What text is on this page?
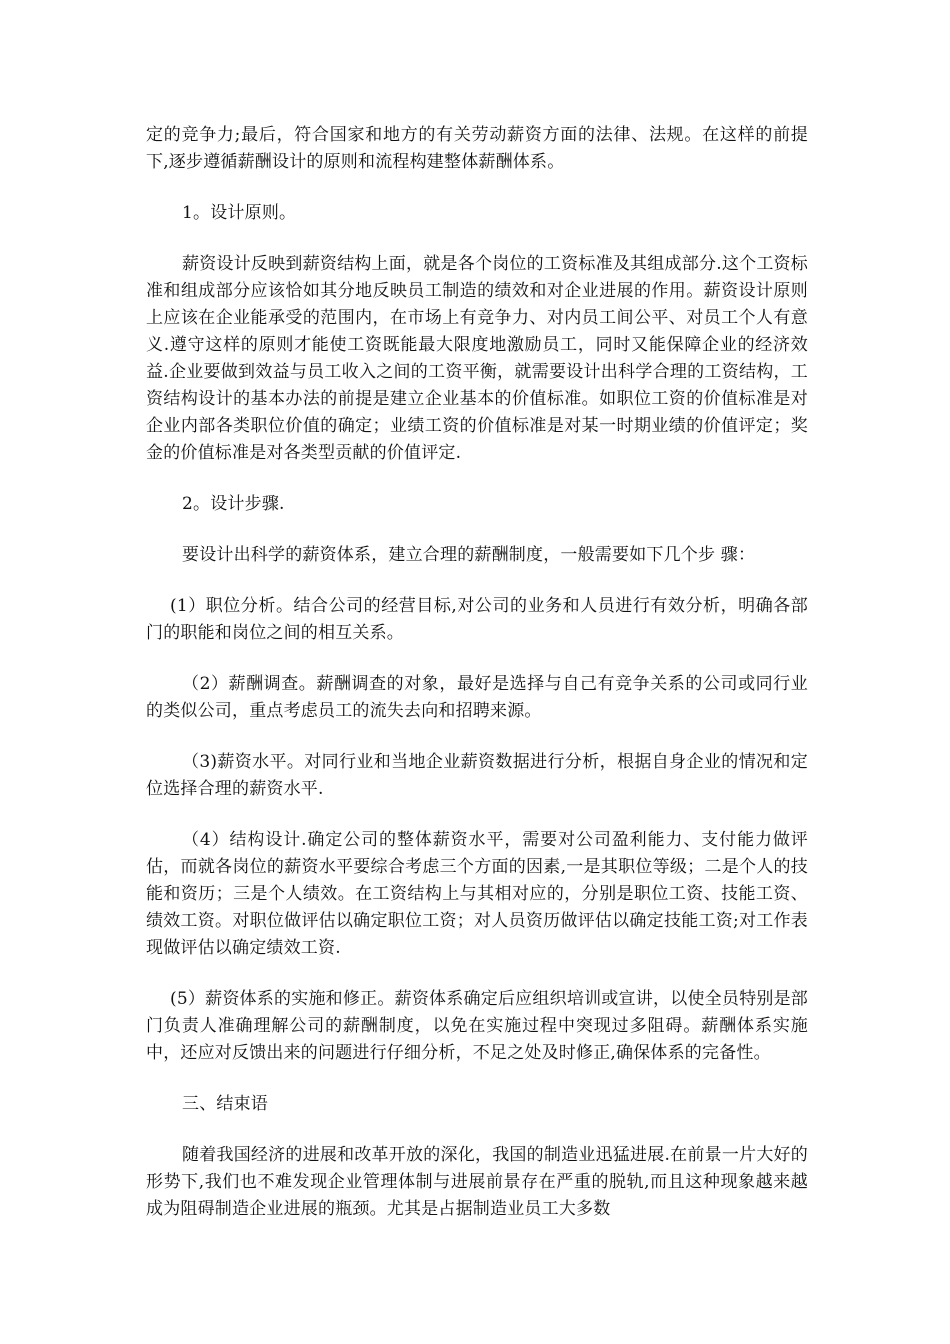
定的竞争力;最后，符合国家和地方的有关劳动薪资方面的法律、法规。在这样的前提下,逐步遵循薪酬设计的原则和流程构建整体薪酬体系。

1。设计原则。

薪资设计反映到薪资结构上面，就是各个岗位的工资标准及其组成部分.这个工资标准和组成部分应该恰如其分地反映员工制造的绩效和对企业进展的作用。薪资设计原则上应该在企业能承受的范围内，在市场上有竞争力、对内员工间公平、对员工个人有意义.遵守这样的原则才能使工资既能最大限度地激励员工，同时又能保障企业的经济效益.企业要做到效益与员工收入之间的工资平衡，就需要设计出科学合理的工资结构，工资结构设计的基本办法的前提是建立企业基本的价值标准。如职位工资的价值标准是对企业内部各类职位价值的确定；业绩工资的价值标准是对某一时期业绩的价值评定；奖金的价值标准是对各类型贡献的价值评定.

2。设计步骤.

要设计出科学的薪资体系，建立合理的薪酬制度，一般需要如下几个步 骤：

(1）职位分析。结合公司的经营目标,对公司的业务和人员进行有效分析，明确各部门的职能和岗位之间的相互关系。

（2）薪酬调查。薪酬调查的对象，最好是选择与自己有竞争关系的公司或同行业的类似公司，重点考虑员工的流失去向和招聘来源。

（3)薪资水平。对同行业和当地企业薪资数据进行分析，根据自身企业的情况和定位选择合理的薪资水平.

（4）结构设计.确定公司的整体薪资水平，需要对公司盈利能力、支付能力做评估，而就各岗位的薪资水平要综合考虑三个方面的因素,一是其职位等级；二是个人的技能和资历；三是个人绩效。在工资结构上与其相对应的，分别是职位工资、技能工资、绩效工资。对职位做评估以确定职位工资；对人员资历做评估以确定技能工资;对工作表现做评估以确定绩效工资.

(5）薪资体系的实施和修正。薪资体系确定后应组织培训或宣讲，以使全员特别是部门负责人准确理解公司的薪酬制度，以免在实施过程中突现过多阻碍。薪酬体系实施中，还应对反馈出来的问题进行仔细分析，不足之处及时修正,确保体系的完备性。

三、结束语

随着我国经济的进展和改革开放的深化，我国的制造业迅猛进展.在前景一片大好的形势下,我们也不难发现企业管理体制与进展前景存在严重的脱轨,而且这种现象越来越成为阻碍制造企业进展的瓶颈。尤其是占据制造业员工大多数
